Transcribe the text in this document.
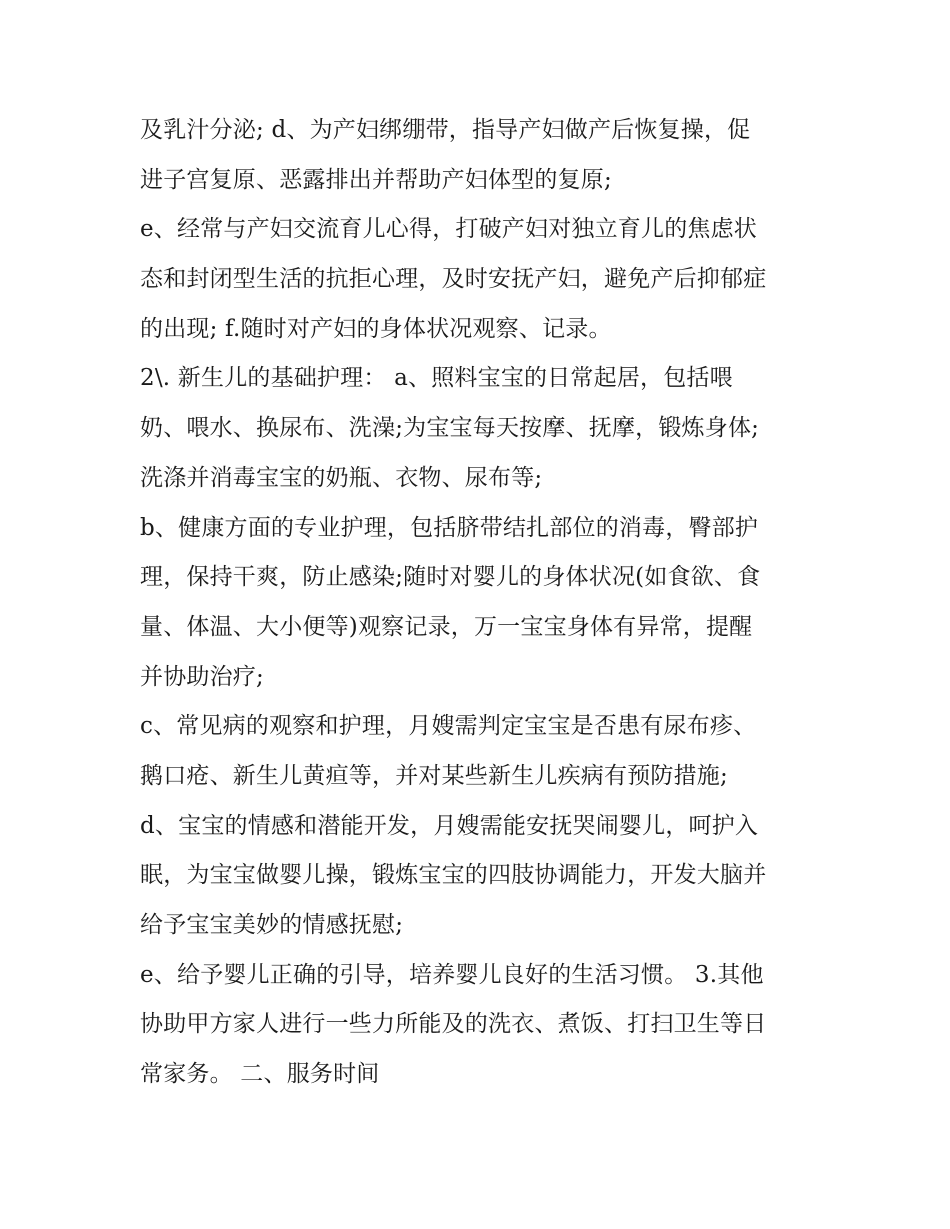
及乳汁分泌; d、为产妇绑绷带，指导产妇做产后恢复操，促
进子宫复原、恶露排出并帮助产妇体型的复原;
e、经常与产妇交流育儿心得，打破产妇对独立育儿的焦虑状
态和封闭型生活的抗拒心理，及时安抚产妇，避免产后抑郁症
的出现; f.随时对产妇的身体状况观察、记录。
2\. 新生儿的基础护理： a、照料宝宝的日常起居，包括喂
奶、喂水、换尿布、洗澡;为宝宝每天按摩、抚摩，锻炼身体;
洗涤并消毒宝宝的奶瓶、衣物、尿布等;
b、健康方面的专业护理，包括脐带结扎部位的消毒，臀部护
理，保持干爽，防止感染;随时对婴儿的身体状况(如食欲、食
量、体温、大小便等)观察记录，万一宝宝身体有异常，提醒
并协助治疗;
c、常见病的观察和护理，月嫂需判定宝宝是否患有尿布疹、
鹅口疮、新生儿黄疸等，并对某些新生儿疾病有预防措施;
d、宝宝的情感和潜能开发，月嫂需能安抚哭闹婴儿，呵护入
眠，为宝宝做婴儿操，锻炼宝宝的四肢协调能力，开发大脑并
给予宝宝美妙的情感抚慰;
e、给予婴儿正确的引导，培养婴儿良好的生活习惯。 3.其他
协助甲方家人进行一些力所能及的洗衣、煮饭、打扫卫生等日
常家务。 二、服务时间
